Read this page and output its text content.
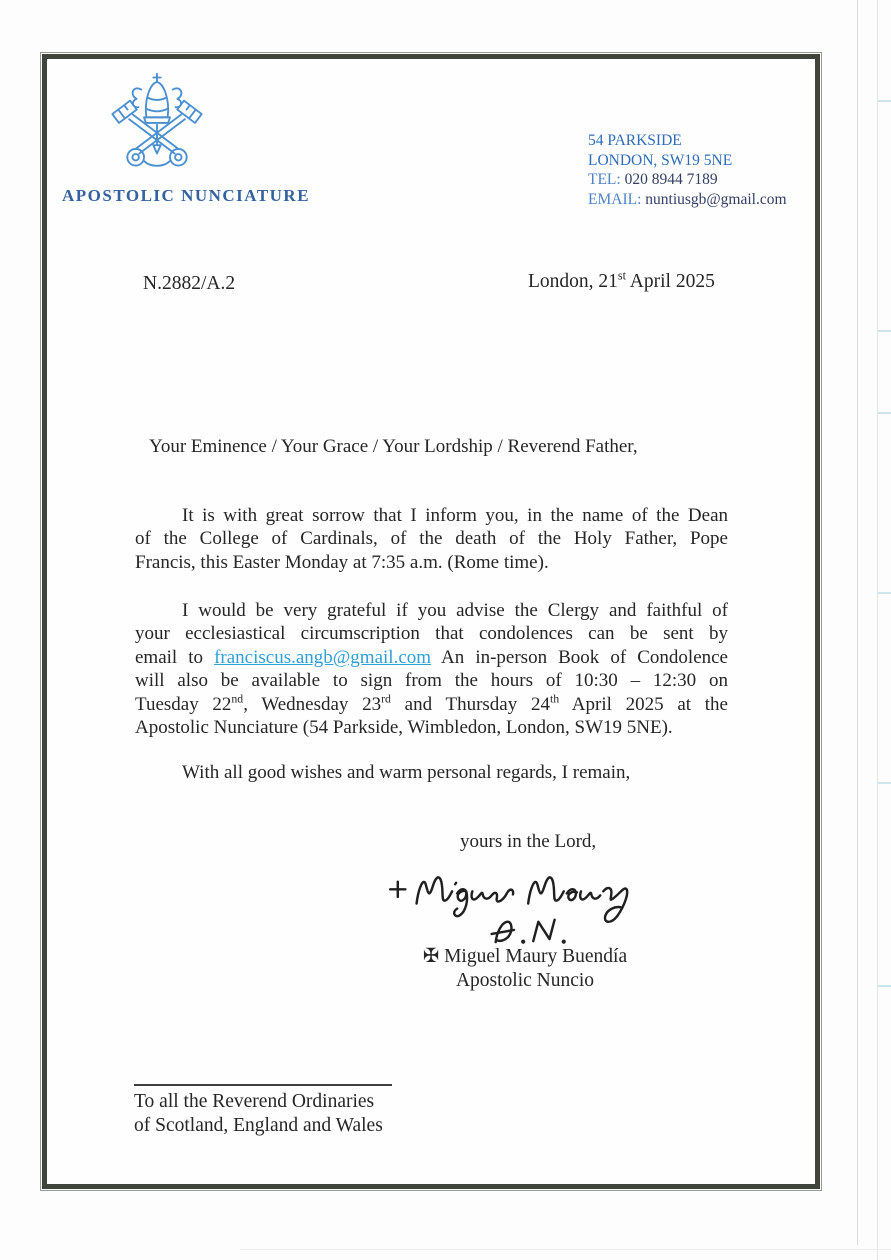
APOSTOLIC NUNCIATURE
54 PARKSIDE
LONDON, SW19 5NE
TEL: 020 8944 7189
EMAIL: nuntiusgb@gmail.com
N.2882/A.2	London, 21st April 2025
Your Eminence / Your Grace / Your Lordship / Reverend Father,
It is with great sorrow that I inform you, in the name of the Dean
of the College of Cardinals, of the death of the Holy Father, Pope
Francis, this Easter Monday at 7:35 a.m. (Rome time).
I would be very grateful if you advise the Clergy and faithful of
your ecclesiastical circumscription that condolences can be sent by
email to franciscus.angb@gmail.com An in-person Book of Condolence
will also be available to sign from the hours of 10:30 – 12:30 on
Tuesday 22nd, Wednesday 23rd and Thursday 24th April 2025 at the
Apostolic Nunciature (54 Parkside, Wimbledon, London, SW19 5NE).
With all good wishes and warm personal regards, I remain,
yours in the Lord,
✠ Miguel Maury Buendía
Apostolic Nuncio
To all the Reverend Ordinaries
of Scotland, England and Wales
